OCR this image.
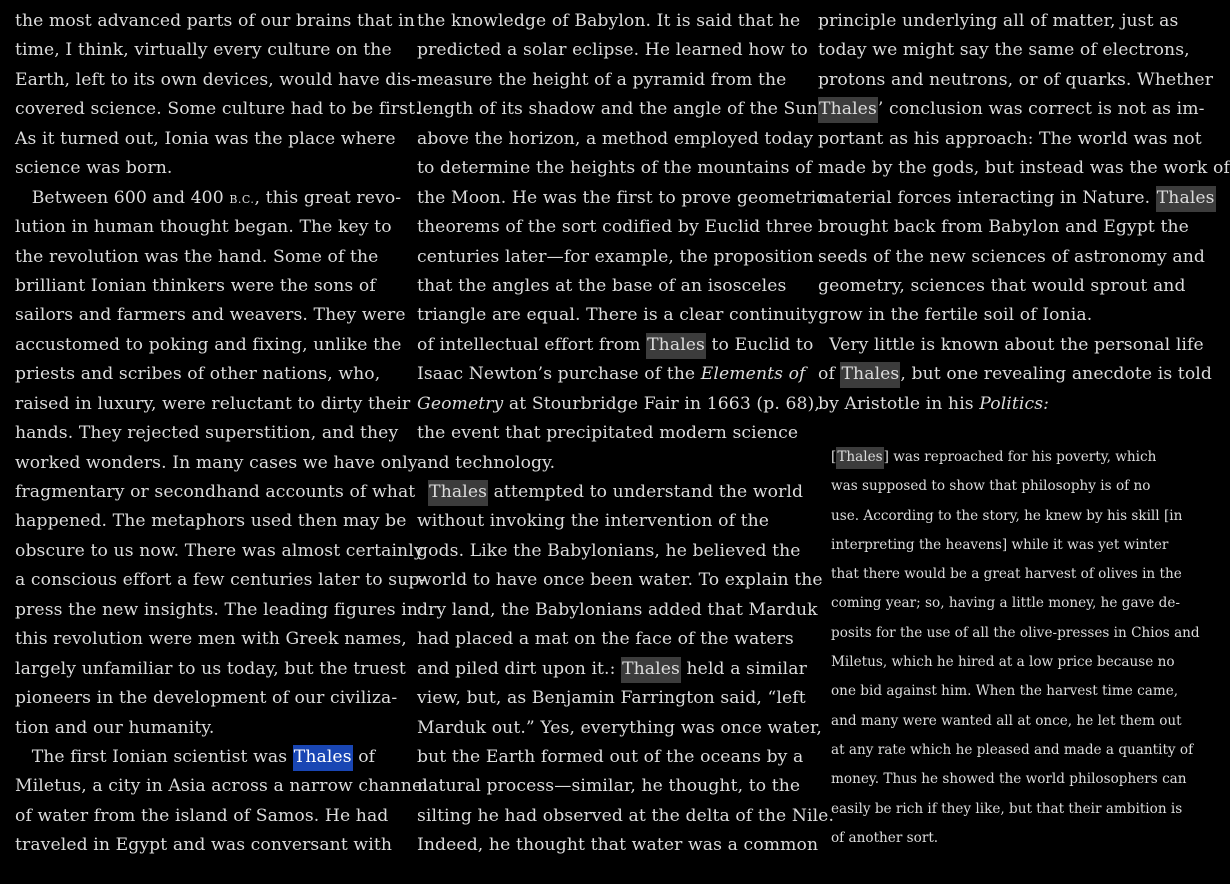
the most advanced parts of our brains that in
time, I think, virtually every culture on the
Earth, left to its own devices, would have dis-
covered science. Some culture had to be first.
As it turned out, Ionia was the place where
science was born.
Between 600 and 400 B.C., this great revo-
lution in human thought began. The key to
the revolution was the hand. Some of the
brilliant Ionian thinkers were the sons of
sailors and farmers and weavers. They were
accustomed to poking and fixing, unlike the
priests and scribes of other nations, who,
raised in luxury, were reluctant to dirty their
hands. They rejected superstition, and they
worked wonders. In many cases we have only
fragmentary or secondhand accounts of what
happened. The metaphors used then may be
obscure to us now. There was almost certainly
a conscious effort a few centuries later to sup-
press the new insights. The leading figures in
this revolution were men with Greek names,
largely unfamiliar to us today, but the truest
pioneers in the development of our civiliza-
tion and our humanity.
The first Ionian scientist was Thales of
Miletus, a city in Asia across a narrow channel
of water from the island of Samos. He had
traveled in Egypt and was conversant with
the knowledge of Babylon. It is said that he
predicted a solar eclipse. He learned how to
measure the height of a pyramid from the
length of its shadow and the angle of the Sun
above the horizon, a method employed today
to determine the heights of the mountains of
the Moon. He was the first to prove geometric
theorems of the sort codified by Euclid three
centuries later—for example, the proposition
that the angles at the base of an isosceles
triangle are equal. There is a clear continuity
of intellectual effort from Thales to Euclid to
Isaac Newton’s purchase of the Elements of
Geometry at Stourbridge Fair in 1663 (p. 68),
the event that precipitated modern science
and technology.
Thales attempted to understand the world
without invoking the intervention of the
gods. Like the Babylonians, he believed the
world to have once been water. To explain the
dry land, the Babylonians added that Marduk
had placed a mat on the face of the waters
and piled dirt upon it.: Thales held a similar
view, but, as Benjamin Farrington said, “left
Marduk out.” Yes, everything was once water,
but the Earth formed out of the oceans by a
natural process—similar, he thought, to the
silting he had observed at the delta of the Nile.
Indeed, he thought that water was a common
principle underlying all of matter, just as
today we might say the same of electrons,
protons and neutrons, or of quarks. Whether
Thales’ conclusion was correct is not as im-
portant as his approach: The world was not
made by the gods, but instead was the work of
material forces interacting in Nature. Thales
brought back from Babylon and Egypt the
seeds of the new sciences of astronomy and
geometry, sciences that would sprout and
grow in the fertile soil of Ionia.
Very little is known about the personal life
of Thales, but one revealing anecdote is told
by Aristotle in his Politics:
[Thales] was reproached for his poverty, which
was supposed to show that philosophy is of no
use. According to the story, he knew by his skill [in
interpreting the heavens] while it was yet winter
that there would be a great harvest of olives in the
coming year; so, having a little money, he gave de-
posits for the use of all the olive-presses in Chios and
Miletus, which he hired at a low price because no
one bid against him. When the harvest time came,
and many were wanted all at once, he let them out
at any rate which he pleased and made a quantity of
money. Thus he showed the world philosophers can
easily be rich if they like, but that their ambition is
of another sort.
